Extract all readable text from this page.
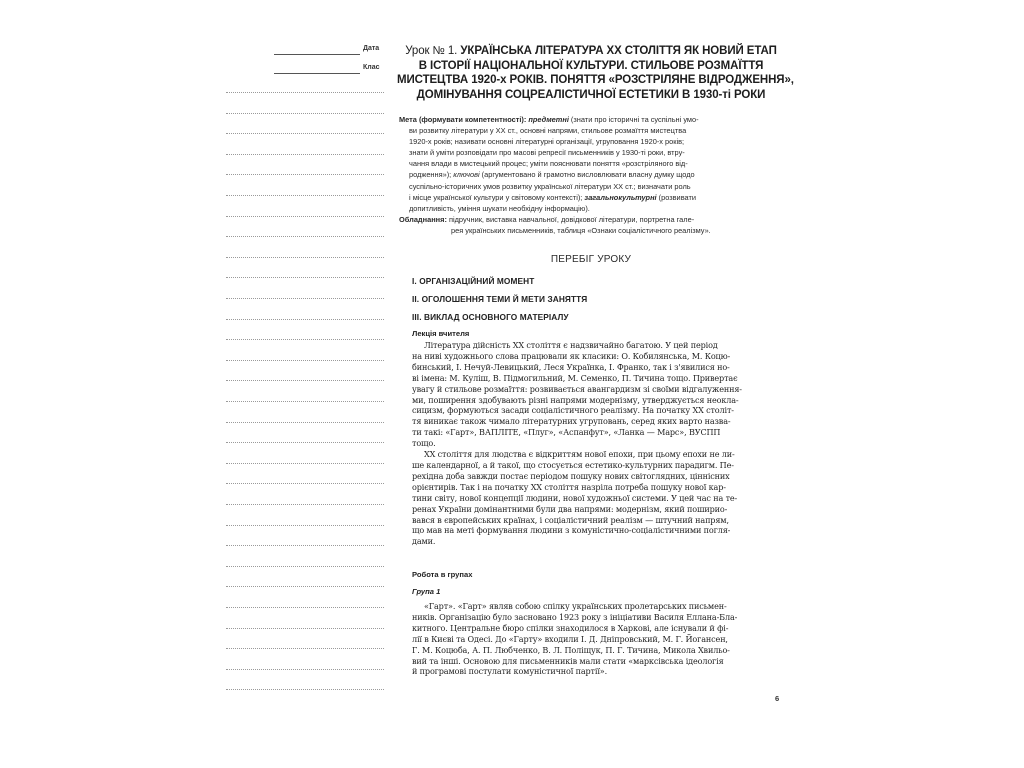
Дата
Клас
Урок № 1. УКРАЇНСЬКА ЛІТЕРАТУРА ХХ СТОЛІТТЯ ЯК НОВИЙ ЕТАП
В ІСТОРІЇ НАЦІОНАЛЬНОЇ КУЛЬТУРИ. СТИЛЬОВЕ РОЗМАЇТТЯ
МИСТЕЦТВА 1920-х РОКІВ. ПОНЯТТЯ «РОЗСТРІЛЯНЕ ВІДРОДЖЕННЯ»,
ДОМІНУВАННЯ СОЦРЕАЛІСТИЧНОЇ ЕСТЕТИКИ В 1930-ті РОКИ
Мета (формувати компетентності): предметні (знати про історичні та суспільні умо-
ви розвитку літератури у ХХ ст., основні напрями, стильове розмаїття мистецтва
1920-х років; називати основні літературні організації, угруповання 1920-х років;
знати й уміти розповідати про масові репресії письменників у 1930-ті роки, втру-
чання влади в мистецький процес; уміти пояснювати поняття «розстріляного від-
родження»); ключові (аргументовано й грамотно висловлювати власну думку щодо
суспільно-історичних умов розвитку української літератури ХХ ст.; визначати роль
і місце української культури у світовому контексті); загальнокультурні (розвивати
допитливість, уміння шукати необхідну інформацію).
Обладнання: підручник, виставка навчальної, довідкової літератури, портретна гале-
рея українських письменників, таблиця «Ознаки соціалістичного реалізму».
ПЕРЕБІГ УРОКУ
І. ОРГАНІЗАЦІЙНИЙ МОМЕНТ
ІІ. ОГОЛОШЕННЯ ТЕМИ Й МЕТИ ЗАНЯТТЯ
ІІІ. ВИКЛАД ОСНОВНОГО МАТЕРІАЛУ
Лекція вчителя
Література дійсність ХХ століття є надзвичайно багатою. У цей період
на ниві художнього слова працювали як класики: О. Кобилянська, М. Коцю-
бинський, І. Нечуй-Левицький, Леся Українка, І. Франко, так і з'явилися но-
ві імена: М. Куліш, В. Підмогильний, М. Семенко, П. Тичина тощо. Привертає
увагу й стильове розмаїття: розвивається авангардизм зі своїми відгалуження-
ми, поширення здобувають різні напрями модернізму, утверджується неокла-
сицизм, формуються засади соціалістичного реалізму. На початку ХХ століт-
тя виникає також чимало літературних угруповань, серед яких варто назва-
ти такі: «Гарт», ВАПЛІТЕ, «Плуг», «Аспанфут», «Ланка — Марс», ВУСПП
тощо.
ХХ століття для людства є відкриттям нової епохи, при цьому епохи не ли-
ше календарної, а й такої, що стосується естетико-культурних парадигм. Пе-
рехідна доба завжди постає періодом пошуку нових світоглядних, ціннісних
орієнтирів. Так і на початку ХХ століття назріла потреба пошуку нової кар-
тини світу, нової концепції людини, нової художньої системи. У цей час на те-
ренах України домінантними були два напрями: модернізм, який пошириo-
вався в європейських країнах, і соціалістичний реалізм — штучний напрям,
що мав на меті формування людини з комуністично-соціалістичними погля-
дами.
Робота в групах
Група 1
«Гарт». «Гарт» являв собою спілку українських пролетарських письмен-
ників. Організацію було засновано 1923 року з ініціативи Василя Еллана-Бла-
китного. Центральне бюро спілки знаходилося в Харкові, але існували й фі-
лії в Києві та Одесі. До «Гарту» входили І. Д. Дніпровський, М. Г. Йогансен,
Г. М. Коцюба, А. П. Любченко, В. Л. Поліщук, П. Г. Тичина, Микола Хвильо-
вий та інші. Основою для письменників мали стати «марксівська ідеологія
й програмові постулати комуністичної партії».
6
